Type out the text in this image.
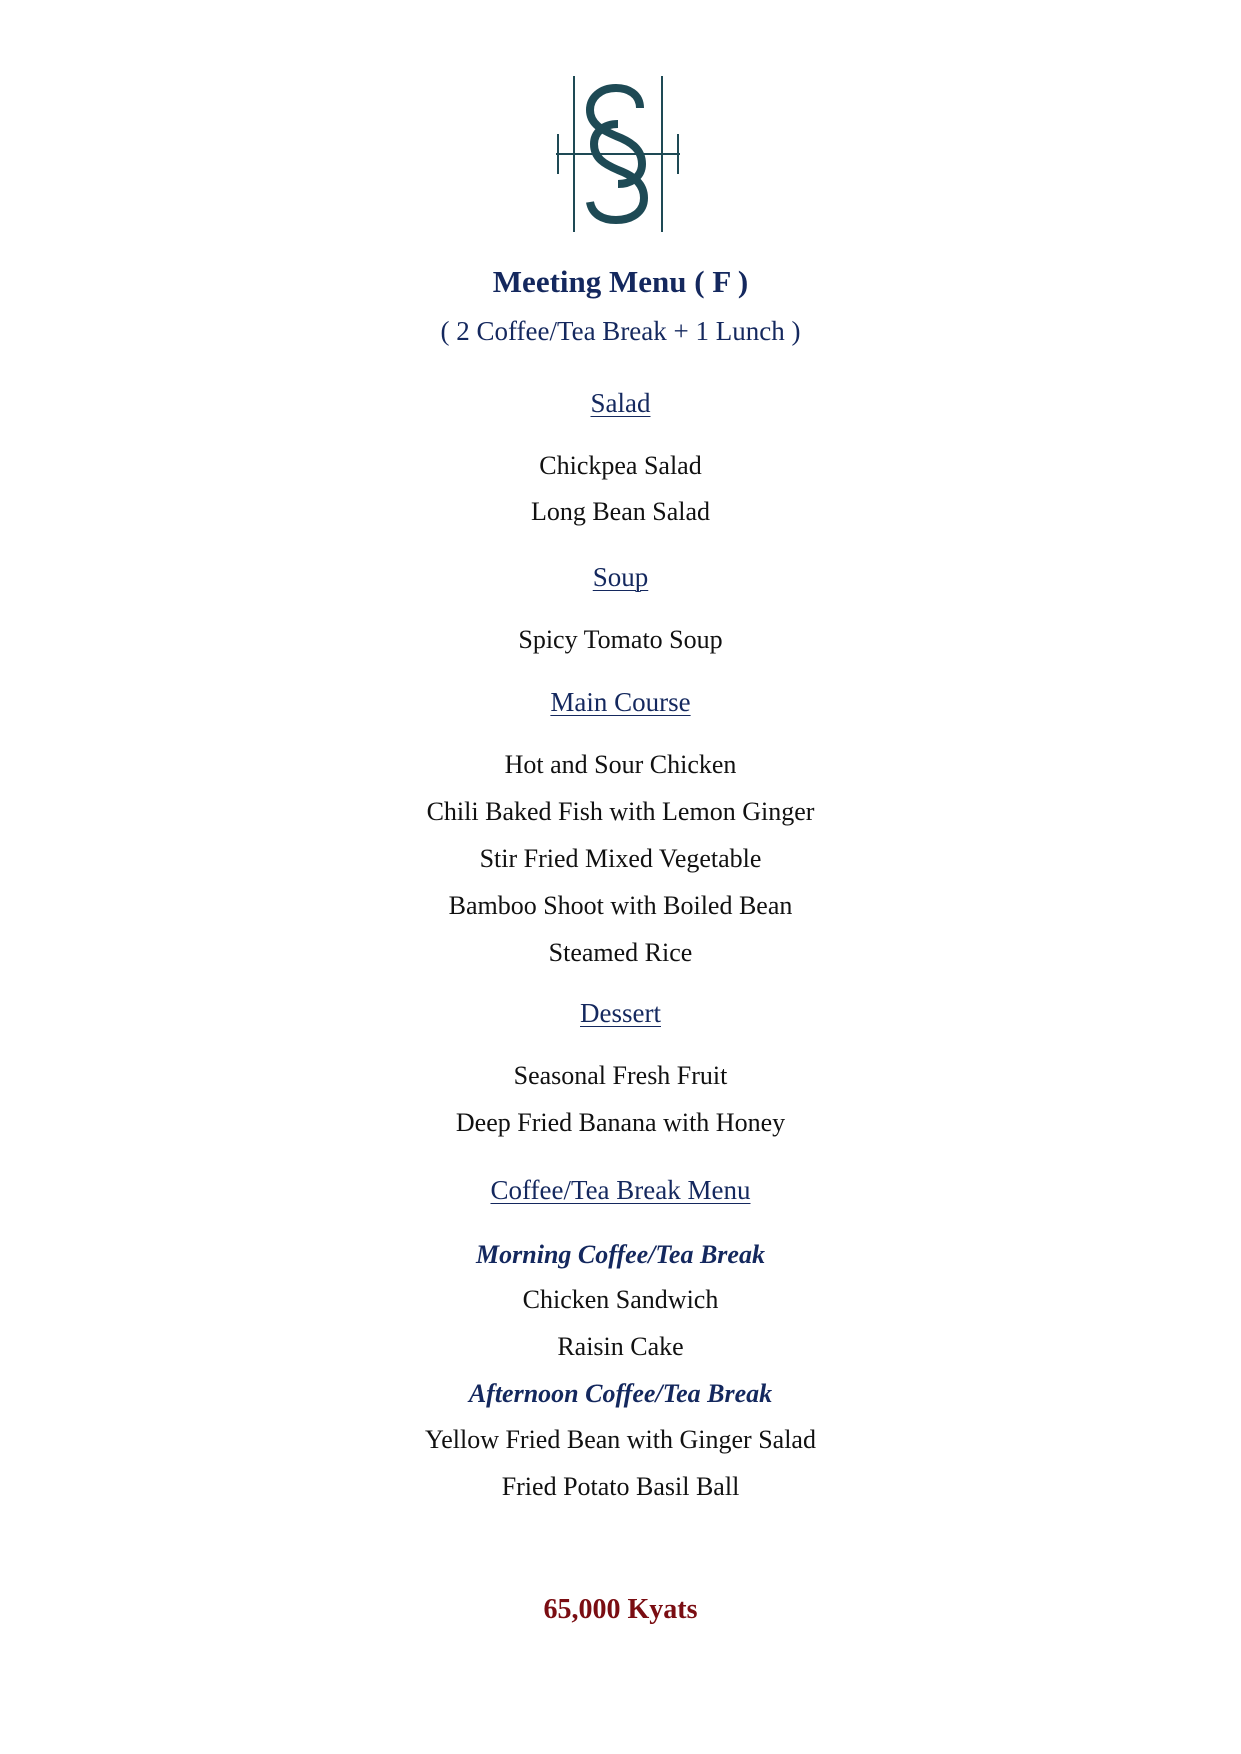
Meeting Menu ( F )
( 2 Coffee/Tea Break + 1 Lunch )
Salad
Chickpea Salad
Long Bean Salad
Soup
Spicy Tomato Soup
Main Course
Hot and Sour Chicken
Chili Baked Fish with Lemon Ginger
Stir Fried Mixed Vegetable
Bamboo Shoot with Boiled Bean
Steamed Rice
Dessert
Seasonal Fresh Fruit
Deep Fried Banana with Honey
Coffee/Tea Break Menu
Morning Coffee/Tea Break
Chicken Sandwich
Raisin Cake
Afternoon Coffee/Tea Break
Yellow Fried Bean with Ginger Salad
Fried Potato Basil Ball
65,000 Kyats
